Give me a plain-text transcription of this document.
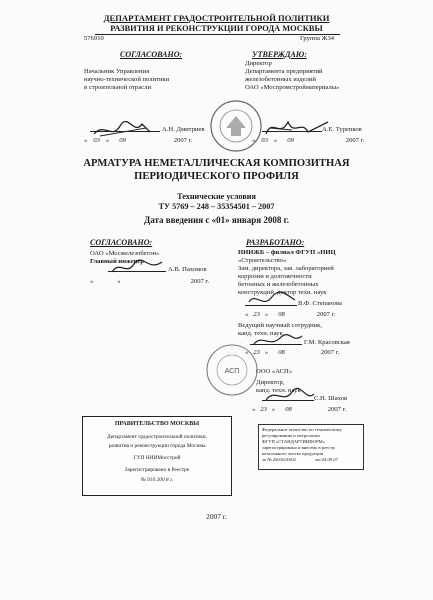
ДЕПАРТАМЕНТ ГРАДОСТРОИТЕЛЬНОЙ ПОЛИТИКИ
РАЗВИТИЯ И РЕКОНСТРУКЦИИ ГОРОДА МОСКВЫ
576910	Группа Ж34
СОГЛАСОВАНО:
Начальник Управления
научно-технической политики
в строительной отрасли
А.Н. Дмитриев
« 03 » 09	2007 г.
УТВЕРЖДАЮ:
Директор
Департамента предприятий
железобетонных изделий
ОАО «Моспромстройматериалы»
А.Е. Турепков
« 03 » 09	2007 г.
АРМАТУРА НЕМЕТАЛЛИЧЕСКАЯ КОМПОЗИТНАЯ
ПЕРИОДИЧЕСКОГО ПРОФИЛЯ
Технические условия
ТУ 5769 – 248 – 35354501 – 2007
Дата введения с «01» января 2008 г.
СОГЛАСОВАНО:
ОАО «Мосжелезобетон»
Главный инженер
А.В. Пахомов
«	»	2007 г.
РАЗРАБОТАНО:
НИИЖБ – филиал ФГУП «НИЦ
«Строительство»
Зам. директора, зав. лабораторией
коррозии и долговечности
бетонных и железобетонных
конструкций, доктор техн. наук
В.Ф. Степанова
« 23 » 08	2007 г.
Ведущий научный сотрудник,
канд. техн. наук
Г.М. Красовская
« 23 » 08	2007 г.
АСП	ООО «АСП»
Директор,
канд. техн. наук
С.Н. Шахов
« 23 » 08	2007 г.
ПРАВИТЕЛЬСТВО МОСКВЫ
Департамент градостроительной политики,
развития и реконструкции города Москвы
ГУП НИИМосстрой
Зарегистрировано в Реестре
№ 910 200 8 г.
Федеральное агентство по техническому
регулированию и метрологии
ФГУП «СТАНДАРТИНФОРМ»
зарегистрировано и внесено в реестр
каталожного листка продукции
за № 200/024/002	от 04.09.07
2007 г.
